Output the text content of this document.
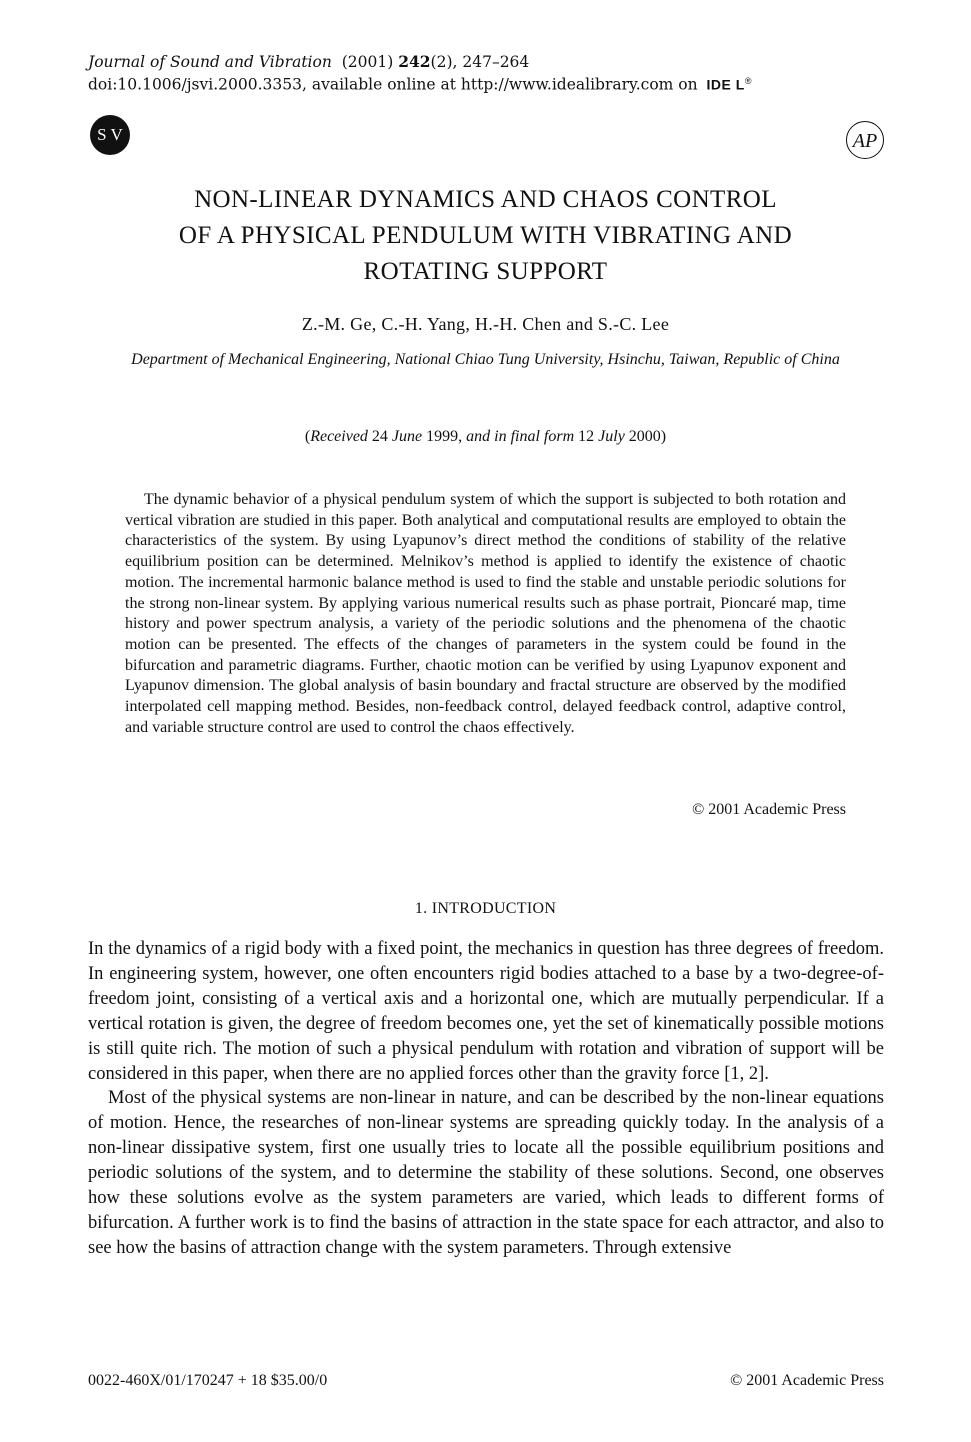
Journal of Sound and Vibration (2001) 242(2), 247–264
doi:10.1006/jsvi.2000.3353, available online at http://www.idealibrary.com on IDE L®
S V	AP
NON-LINEAR DYNAMICS AND CHAOS CONTROL
OF A PHYSICAL PENDULUM WITH VIBRATING AND
ROTATING SUPPORT
Z.-M. Ge, C.-H. Yang, H.-H. Chen and S.-C. Lee
Department of Mechanical Engineering, National Chiao Tung University, Hsinchu, Taiwan, Republic of China
(Received 24 June 1999, and in final form 12 July 2000)
The dynamic behavior of a physical pendulum system of which the support is subjected to both rotation and vertical vibration are studied in this paper. Both analytical and computational results are employed to obtain the characteristics of the system. By using Lyapunov’s direct method the conditions of stability of the relative equilibrium position can be determined. Melnikov’s method is applied to identify the existence of chaotic motion. The incremental harmonic balance method is used to find the stable and unstable periodic solutions for the strong non-linear system. By applying various numerical results such as phase portrait, Pioncaré map, time history and power spectrum analysis, a variety of the periodic solutions and the phenomena of the chaotic motion can be presented. The effects of the changes of parameters in the system could be found in the bifurcation and parametric diagrams. Further, chaotic motion can be verified by using Lyapunov exponent and Lyapunov dimension. The global analysis of basin boundary and fractal structure are observed by the modified interpolated cell mapping method. Besides, non-feedback control, delayed feedback control, adaptive control, and variable structure control are used to control the chaos effectively.
© 2001 Academic Press
1. INTRODUCTION

In the dynamics of a rigid body with a fixed point, the mechanics in question has three degrees of freedom. In engineering system, however, one often encounters rigid bodies attached to a base by a two-degree-of-freedom joint, consisting of a vertical axis and a horizontal one, which are mutually perpendicular. If a vertical rotation is given, the degree of freedom becomes one, yet the set of kinematically possible motions is still quite rich. The motion of such a physical pendulum with rotation and vibration of support will be considered in this paper, when there are no applied forces other than the gravity force [1, 2].

Most of the physical systems are non-linear in nature, and can be described by the non-linear equations of motion. Hence, the researches of non-linear systems are spreading quickly today. In the analysis of a non-linear dissipative system, first one usually tries to locate all the possible equilibrium positions and periodic solutions of the system, and to determine the stability of these solutions. Second, one observes how these solutions evolve as the system parameters are varied, which leads to different forms of bifurcation. A further work is to find the basins of attraction in the state space for each attractor, and also to see how the basins of attraction change with the system parameters. Through extensive

0022-460X/01/170247 + 18 $35.00/0	© 2001 Academic Press
